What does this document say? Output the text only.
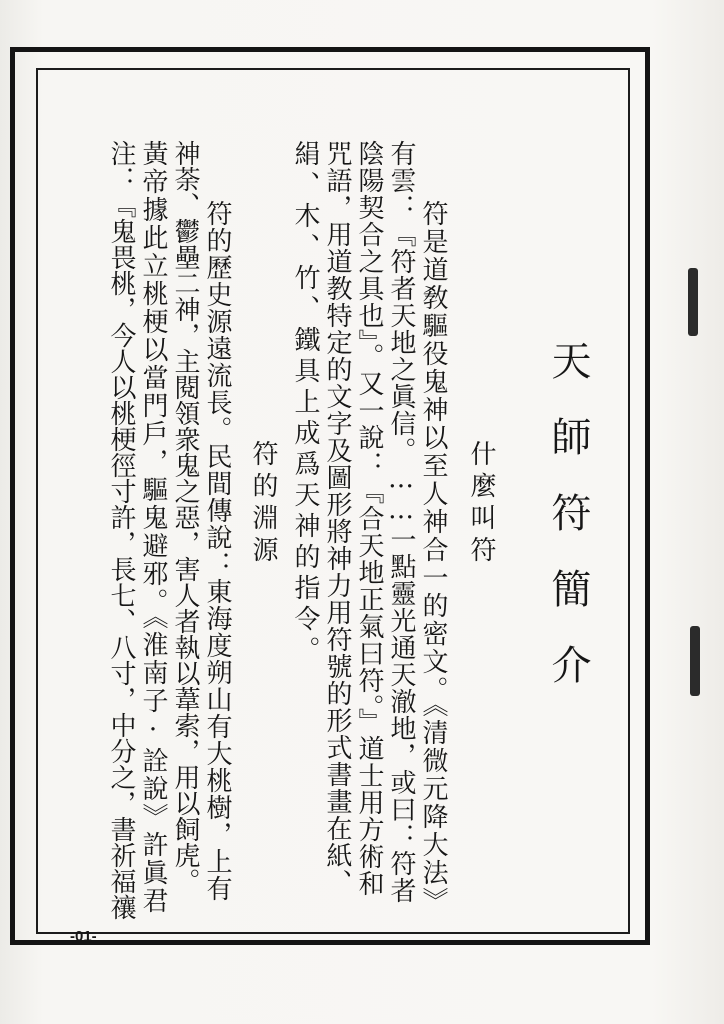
天師符簡介
什麼叫符
符是道敎驅役鬼神以至人神合一的密文。《清微元降大法》
有雲：『符者天地之眞信。……一點靈光通天澈地，或曰：符者
陰陽契合之具也』。又一說：『合天地正氣曰符。』道士用方術和
咒語，用道教特定的文字及圖形將神力用符號的形式書畫在紙、
絹、木、竹、鐵具上成爲天神的指令。
符的淵源
符的歷史源遠流長。民間傳說：東海度朔山有大桃樹，上有
神荼、鬱壘二神，主閱領衆鬼之惡，害人者執以葦索，用以飼虎。
黃帝據此立桃梗以當門戶，驅鬼避邪。《淮南子·詮說》許眞君
注：『鬼畏桃，今人以桃梗徑寸許，長七、八寸，中分之，書祈福禳
-01-
